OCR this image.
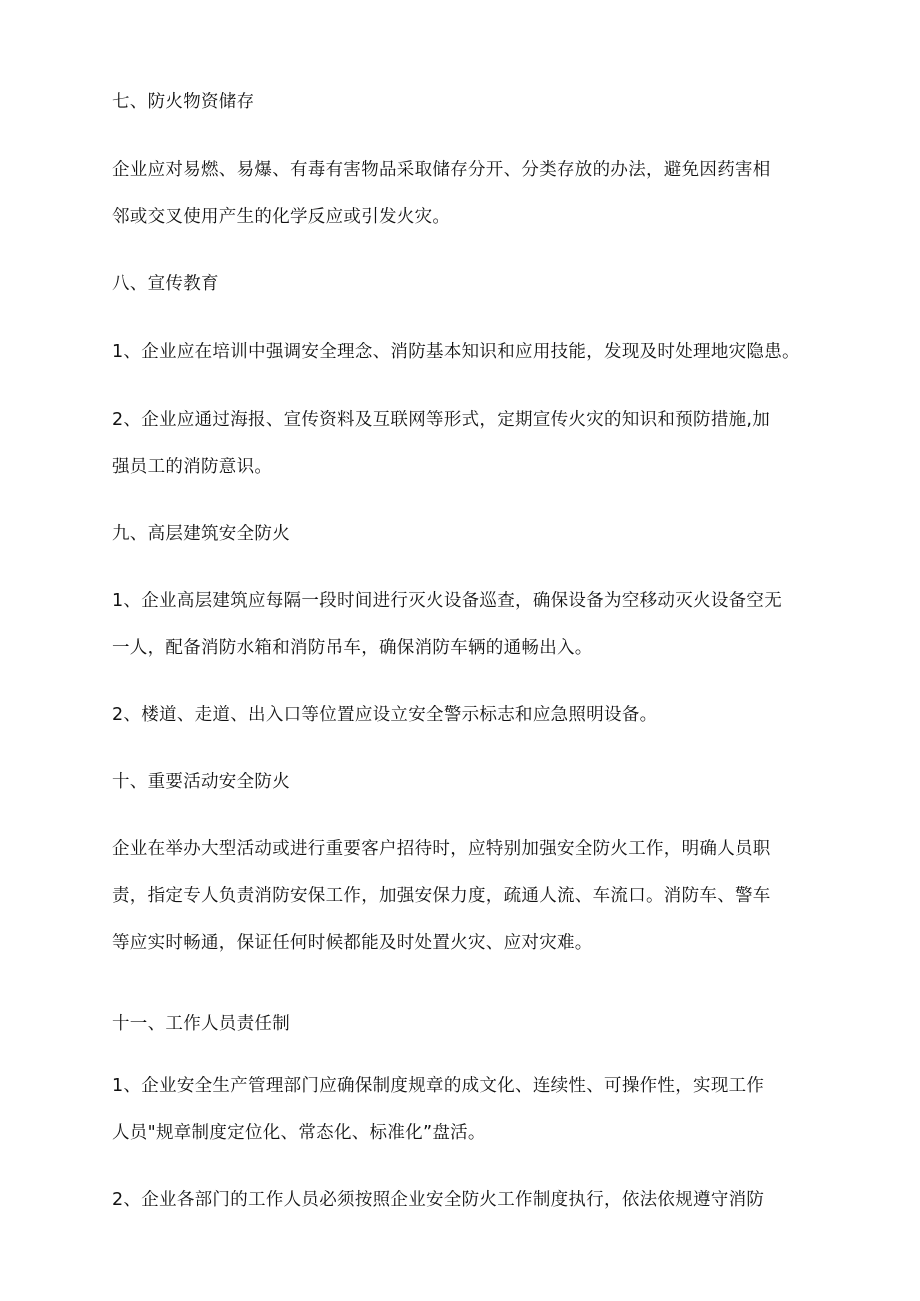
七、防火物资储存
企业应对易燃、易爆、有毒有害物品采取储存分开、分类存放的办法，避免因药害相
邻或交叉使用产生的化学反应或引发火灾。
八、宣传教育
1、企业应在培训中强调安全理念、消防基本知识和应用技能，发现及时处理地灾隐患。
2、企业应通过海报、宣传资料及互联网等形式，定期宣传火灾的知识和预防措施,加
强员工的消防意识。
九、高层建筑安全防火
1、企业高层建筑应每隔一段时间进行灭火设备巡查，确保设备为空移动灭火设备空无
一人，配备消防水箱和消防吊车，确保消防车辆的通畅出入。
2、楼道、走道、出入口等位置应设立安全警示标志和应急照明设备。
十、重要活动安全防火
企业在举办大型活动或进行重要客户招待时，应特别加强安全防火工作，明确人员职
责，指定专人负责消防安保工作，加强安保力度，疏通人流、车流口。消防车、警车
等应实时畅通，保证任何时候都能及时处置火灾、应对灾难。
十一、工作人员责任制
1、企业安全生产管理部门应确保制度规章的成文化、连续性、可操作性，实现工作
人员"规章制度定位化、常态化、标准化”盘活。
2、企业各部门的工作人员必须按照企业安全防火工作制度执行，依法依规遵守消防
